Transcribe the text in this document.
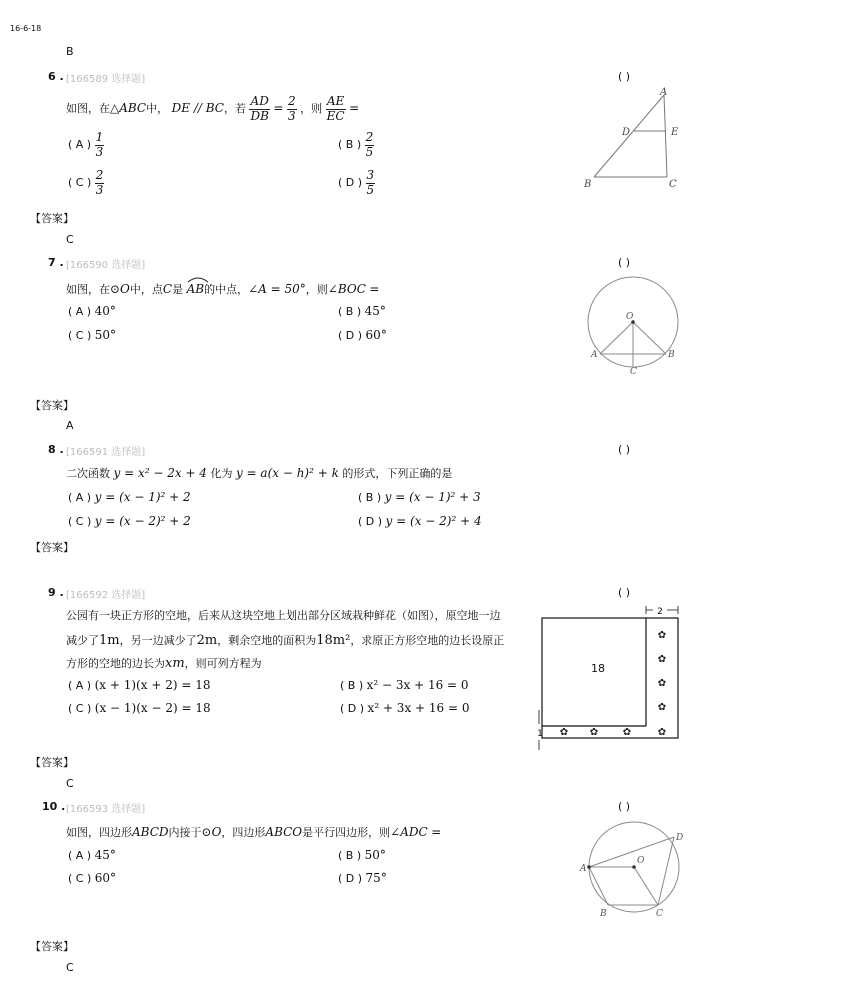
16-6-18
B
6 . [166589 选择题]	( )
如图，在△ABC中， DE // BC，若 $\frac{AD}{DB} = \frac{2}{3}$ ，则 $\frac{AE}{EC}$ =
( A ) $\frac{1}{3}$	( B ) $\frac{2}{5}$
( C ) $\frac{2}{3}$	( D ) $\frac{3}{5}$
A
D	E
B	C
【答案】
C
7 . [166590 选择题]	( )
如图，在⊙O中，点C是 AB的中点，∠A = 50°，则∠BOC =
( A ) 40°	( B ) 45°
( C ) 50°	( D ) 60°
O
A	B
C
【答案】
A
8 . [166591 选择题]	( )
二次函数 y = x² − 2x + 4 化为 y = a(x − h)² + k 的形式，下列正确的是
( A ) y = (x − 1)² + 2	( B ) y = (x − 1)² + 3
( C ) y = (x − 2)² + 2	( D ) y = (x − 2)² + 4
【答案】
9 . [166592 选择题]	( )
公园有一块正方形的空地，后来从这块空地上划出部分区域栽种鲜花（如图），原空地一边
减少了1m，另一边减少了2m，剩余空地的面积为18m²，求原正方形空地的边长设原正
方形的空地的边长为xm，则可列方程为
( A ) (x + 1)(x + 2) = 18	( B ) x² − 3x + 16 = 0
( C ) (x − 1)(x − 2) = 18	( D ) x² + 3x + 16 = 0
2
1
18
✿
✿
✿
✿
✿
✿ ✿ ✿
【答案】
C
10 . [166593 选择题]	( )
如图，四边形ABCD内接于⊙O，四边形ABCO是平行四边形，则∠ADC =
( A ) 45°	( B ) 50°
( C ) 60°	( D ) 75°
O
A
D
B	C
【答案】
C
